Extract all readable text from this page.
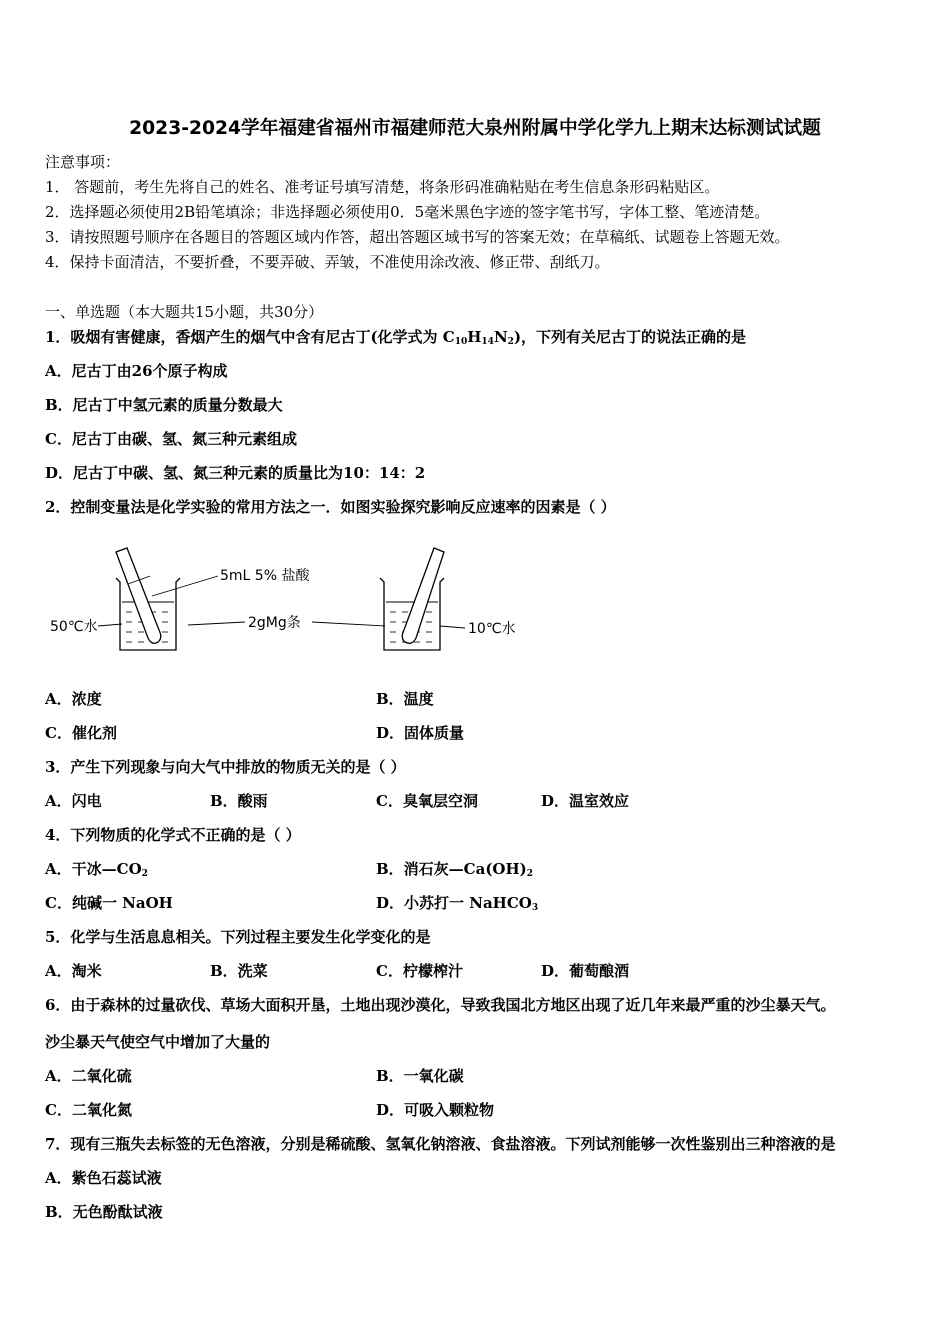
2023-2024学年福建省福州市福建师范大泉州附属中学化学九上期末达标测试试题
注意事项：
1． 答题前，考生先将自己的姓名、准考证号填写清楚，将条形码准确粘贴在考生信息条形码粘贴区。
2．选择题必须使用2B铅笔填涂；非选择题必须使用0．5毫米黑色字迹的签字笔书写，字体工整、笔迹清楚。
3．请按照题号顺序在各题目的答题区域内作答，超出答题区域书写的答案无效；在草稿纸、试题卷上答题无效。
4．保持卡面清洁，不要折叠，不要弄破、弄皱，不准使用涂改液、修正带、刮纸刀。
一、单选题（本大题共15小题，共30分）
1．吸烟有害健康，香烟产生的烟气中含有尼古丁(化学式为 $C_{10}H_{14}N_2$)，下列有关尼古丁的说法正确的是
A．尼古丁由26个原子构成
B．尼古丁中氢元素的质量分数最大
C．尼古丁由碳、氢、氮三种元素组成
D．尼古丁中碳、氢、氮三种元素的质量比为10：14：2
2．控制变量法是化学实验的常用方法之一．如图实验探究影响反应速率的因素是（ ）
5mL 5% 盐酸
2gMg条
50℃水	10℃水
A．浓度	B．温度
C．催化剂	D．固体质量
3．产生下列现象与向大气中排放的物质无关的是（ ）
A．闪电	B．酸雨	C．臭氧层空洞	D．温室效应
4．下列物质的化学式不正确的是（ ）
A．干冰$—CO_2$	B．消石灰$—Ca(OH)_2$
C．纯碱一 NaOH	D．小苏打一 NaHCO$_3$
5．化学与生活息息相关。下列过程主要发生化学变化的是
A．淘米	B．洗菜	C．柠檬榨汁	D．葡萄酿酒
6．由于森林的过量砍伐、草场大面积开垦，土地出现沙漠化，导致我国北方地区出现了近几年来最严重的沙尘暴天气。
沙尘暴天气使空气中增加了大量的
A．二氧化硫	B．一氧化碳
C．二氧化氮	D．可吸入颗粒物
7．现有三瓶失去标签的无色溶液，分别是稀硫酸、氢氧化钠溶液、食盐溶液。下列试剂能够一次性鉴别出三种溶液的是
A．紫色石蕊试液
B．无色酚酞试液
